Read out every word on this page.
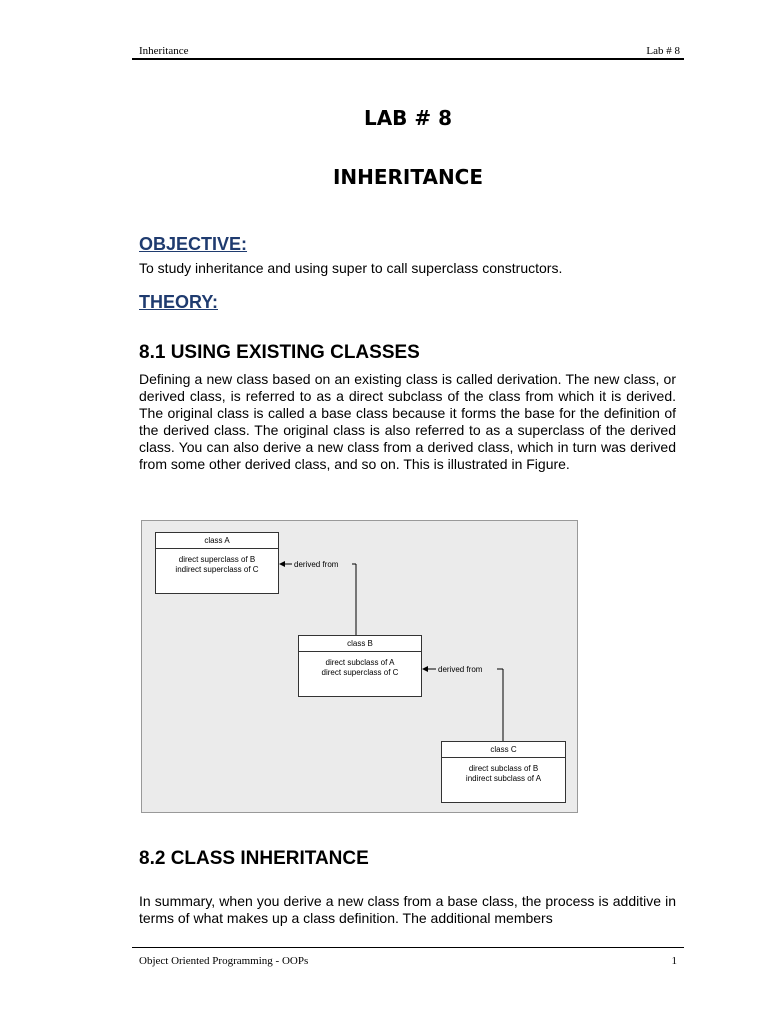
Inheritance	Lab # 8
LAB # 8
INHERITANCE
OBJECTIVE:
To study inheritance and using super to call superclass constructors.
THEORY:
8.1 USING EXISTING CLASSES
Defining a new class based on an existing class is called derivation. The new class, or derived class, is referred to as a direct subclass of the class from which it is derived. The original class is called a base class because it forms the base for the definition of the derived class. The original class is also referred to as a superclass of the derived class. You can also derive a new class from a derived class, which in turn was derived from some other derived class, and so on. This is illustrated in Figure.
derived from
derived from
class A
direct superclass of B
indirect superclass of C
class B
direct subclass of A
direct superclass of C
class C
direct subclass of B
indirect subclass of A
8.2 CLASS INHERITANCE
In summary, when you derive a new class from a base class, the process is additive in terms of what makes up a class definition. The additional members
Object Oriented Programming - OOPs	1
